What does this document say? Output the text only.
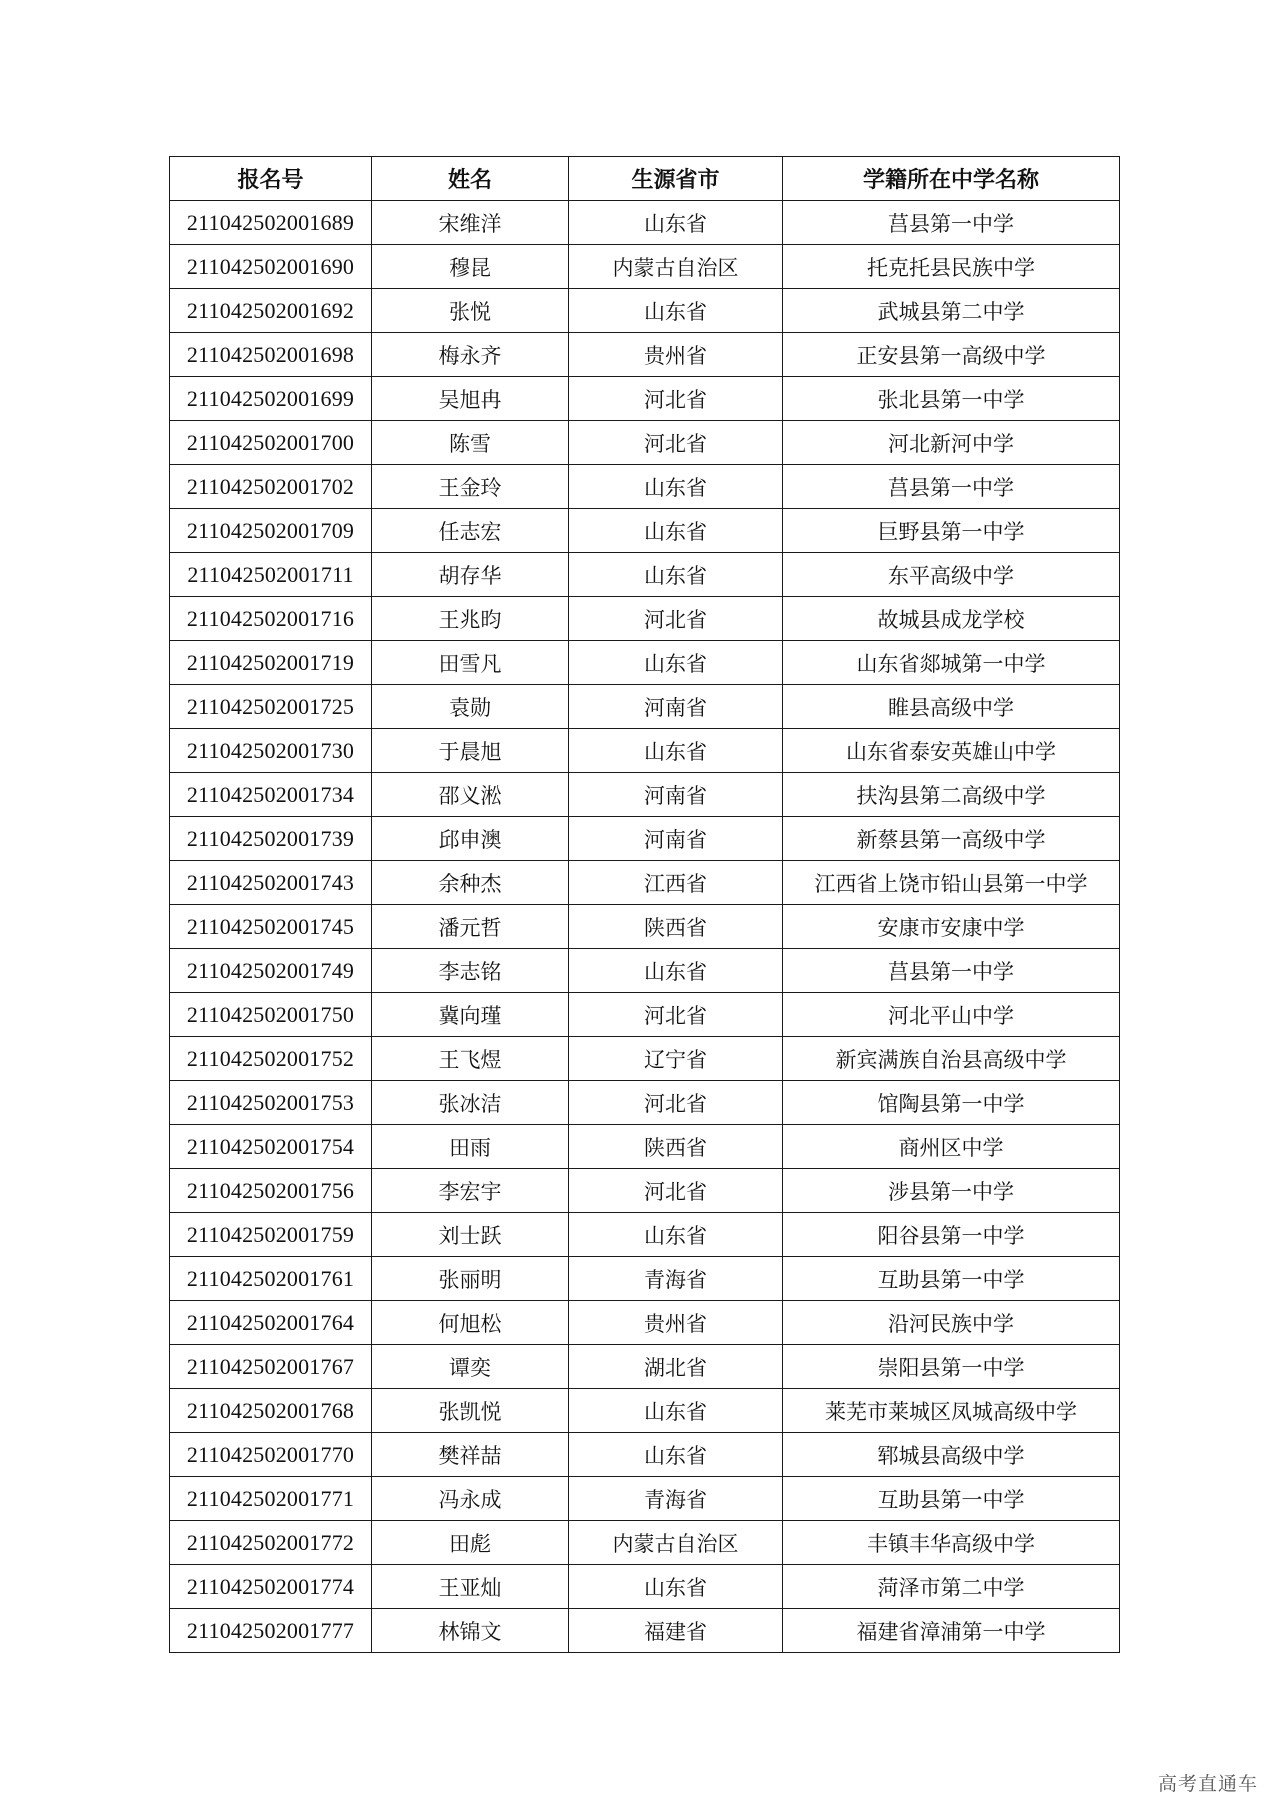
报名号	姓名	生源省市	学籍所在中学名称
211042502001689	宋维洋	山东省	莒县第一中学
211042502001690	穆昆	内蒙古自治区	托克托县民族中学
211042502001692	张悦	山东省	武城县第二中学
211042502001698	梅永齐	贵州省	正安县第一高级中学
211042502001699	吴旭冉	河北省	张北县第一中学
211042502001700	陈雪	河北省	河北新河中学
211042502001702	王金玲	山东省	莒县第一中学
211042502001709	任志宏	山东省	巨野县第一中学
211042502001711	胡存华	山东省	东平高级中学
211042502001716	王兆昀	河北省	故城县成龙学校
211042502001719	田雪凡	山东省	山东省郯城第一中学
211042502001725	袁勋	河南省	睢县高级中学
211042502001730	于晨旭	山东省	山东省泰安英雄山中学
211042502001734	邵义淞	河南省	扶沟县第二高级中学
211042502001739	邱申澳	河南省	新蔡县第一高级中学
211042502001743	余种杰	江西省	江西省上饶市铅山县第一中学
211042502001745	潘元哲	陕西省	安康市安康中学
211042502001749	李志铭	山东省	莒县第一中学
211042502001750	冀向瑾	河北省	河北平山中学
211042502001752	王飞煜	辽宁省	新宾满族自治县高级中学
211042502001753	张冰洁	河北省	馆陶县第一中学
211042502001754	田雨	陕西省	商州区中学
211042502001756	李宏宇	河北省	涉县第一中学
211042502001759	刘士跃	山东省	阳谷县第一中学
211042502001761	张丽明	青海省	互助县第一中学
211042502001764	何旭松	贵州省	沿河民族中学
211042502001767	谭奕	湖北省	崇阳县第一中学
211042502001768	张凯悦	山东省	莱芜市莱城区凤城高级中学
211042502001770	樊祥喆	山东省	郓城县高级中学
211042502001771	冯永成	青海省	互助县第一中学
211042502001772	田彪	内蒙古自治区	丰镇丰华高级中学
211042502001774	王亚灿	山东省	菏泽市第二中学
211042502001777	林锦文	福建省	福建省漳浦第一中学
高考直通车
